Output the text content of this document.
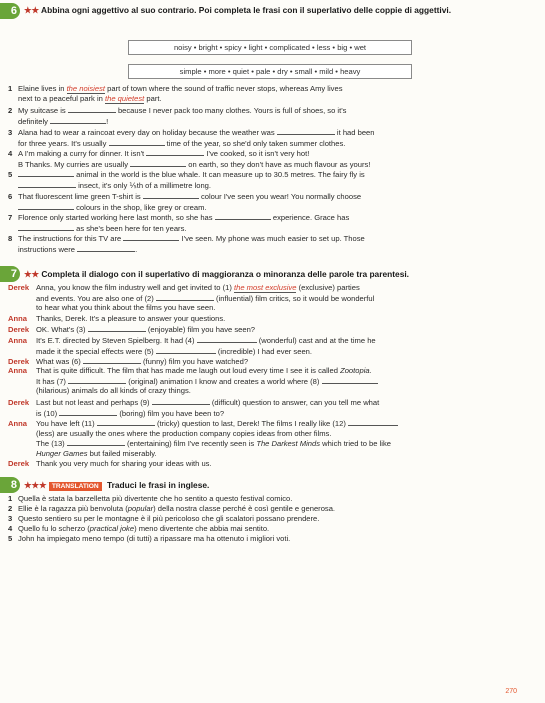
6 ★★ Abbina ogni aggettivo al suo contrario. Poi completa le frasi con il superlativo delle coppie di aggettivi.
noisy • bright • spicy • light • complicated • less • big • wet
simple • more • quiet • pale • dry • small • mild • heavy
1 Elaine lives in the noisiest part of town where the sound of traffic never stops, whereas Amy lives
next to a peaceful park in the quietest part.
2 My suitcase is	because I never pack too many clothes. Yours is full of shoes, so it's
definitely	!
3 Alana had to wear a raincoat every day on holiday because the weather was	it had been
for three years. It's usually	time of the year, so she'd only taken summer clothes.
4 A I'm making a curry for dinner. It isn't	I've cooked, so it isn't very hot!
B Thanks. My curries are usually	on earth, so they don't have as much flavour as yours!
5	animal in the world is the blue whale. It can measure up to 30.5 metres. The fairy fly is
insect, it's only ⅕th of a millimetre long.
6 That fluorescent lime green T-shirt is	colour I've seen you wear! You normally choose
colours in the shop, like grey or cream.
7 Florence only started working here last month, so she has	experience. Grace has
as she's been here for ten years.
8 The instructions for this TV are	I've seen. My phone was much easier to set up. Those
instructions were	.
7 ★★ Completa il dialogo con il superlativo di maggioranza o minoranza delle parole tra parentesi.
Derek Anna, you know the film industry well and get invited to (1) the most exclusive (exclusive) parties
and events. You are also one of (2)	(influential) film critics, so it would be wonderful
to hear what you think about the films you have seen.
Anna Thanks, Derek. It's a pleasure to answer your questions.
Derek OK. What's (3)	(enjoyable) film you have seen?
Anna It's E.T. directed by Steven Spielberg. It had (4)	(wonderful) cast and at the time he
made it the special effects were (5)	(incredible) I had ever seen.
Derek What was (6)	(funny) film you have watched?
Anna That is quite difficult. The film that has made me laugh out loud every time I see it is called Zootopia.
It has (7)	(original) animation I know and creates a world where (8)
(hilarious) animals do all kinds of crazy things.
Derek Last but not least and perhaps (9)	(difficult) question to answer, can you tell me what
is (10)	(boring) film you have been to?
Anna You have left (11)	(tricky) question to last, Derek! The films I really like (12)
(less) are usually the ones where the production company copies ideas from other films.
The (13)	(entertaining) film I've recently seen is The Darkest Minds which tried to be like
Hunger Games but failed miserably.
Derek Thank you very much for sharing your ideas with us.
8 ★★★ TRANSLATION Traduci le frasi in inglese.
1 Quella è stata la barzelletta più divertente che ho sentito a questo festival comico.
2 Ellie è la ragazza più benvoluta (popular) della nostra classe perché è così gentile e generosa.
3 Questo sentiero su per le montagne è il più pericoloso che gli scalatori possano prendere.
4 Quello fu lo scherzo (practical joke) meno divertente che abbia mai sentito.
5 John ha impiegato meno tempo (di tutti) a ripassare ma ha ottenuto i migliori voti.
270
